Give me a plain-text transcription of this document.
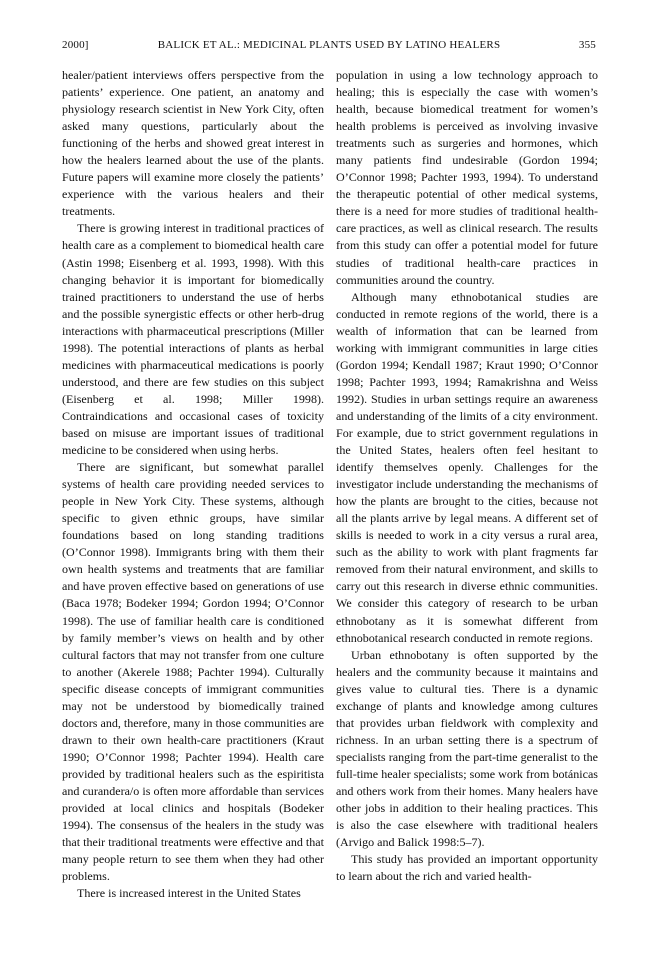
2000]	BALICK ET AL.: MEDICINAL PLANTS USED BY LATINO HEALERS	355

healer/patient interviews offers perspective from the patients’ experience. One patient, an anatomy and physiology research scientist in New York City, often asked many questions, particularly about the functioning of the herbs and showed great interest in how the healers learned about the use of the plants. Future papers will examine more closely the patients’ experience with the various healers and their treatments.

There is growing interest in traditional practices of health care as a complement to biomedical health care (Astin 1998; Eisenberg et al. 1993, 1998). With this changing behavior it is important for biomedically trained practitioners to understand the use of herbs and the possible synergistic effects or other herb-drug interactions with pharmaceutical prescriptions (Miller 1998). The potential interactions of plants as herbal medicines with pharmaceutical medications is poorly understood, and there are few studies on this subject (Eisenberg et al. 1998; Miller 1998). Contraindications and occasional cases of toxicity based on misuse are important issues of traditional medicine to be considered when using herbs.

There are significant, but somewhat parallel systems of health care providing needed services to people in New York City. These systems, although specific to given ethnic groups, have similar foundations based on long standing traditions (O’Connor 1998). Immigrants bring with them their own health systems and treatments that are familiar and have proven effective based on generations of use (Baca 1978; Bodeker 1994; Gordon 1994; O’Connor 1998). The use of familiar health care is conditioned by family member’s views on health and by other cultural factors that may not transfer from one culture to another (Akerele 1988; Pachter 1994). Culturally specific disease concepts of immigrant communities may not be understood by biomedically trained doctors and, therefore, many in those communities are drawn to their own health-care practitioners (Kraut 1990; O’Connor 1998; Pachter 1994). Health care provided by traditional healers such as the espiritista and curandera/o is often more affordable than services provided at local clinics and hospitals (Bodeker 1994). The consensus of the healers in the study was that their traditional treatments were effective and that many people return to see them when they had other problems.

There is increased interest in the United States

population in using a low technology approach to healing; this is especially the case with women’s health, because biomedical treatment for women’s health problems is perceived as involving invasive treatments such as surgeries and hormones, which many patients find undesirable (Gordon 1994; O’Connor 1998; Pachter 1993, 1994). To understand the therapeutic potential of other medical systems, there is a need for more studies of traditional health-care practices, as well as clinical research. The results from this study can offer a potential model for future studies of traditional health-care practices in communities around the country.

Although many ethnobotanical studies are conducted in remote regions of the world, there is a wealth of information that can be learned from working with immigrant communities in large cities (Gordon 1994; Kendall 1987; Kraut 1990; O’Connor 1998; Pachter 1993, 1994; Ramakrishna and Weiss 1992). Studies in urban settings require an awareness and understanding of the limits of a city environment. For example, due to strict government regulations in the United States, healers often feel hesitant to identify themselves openly. Challenges for the investigator include understanding the mechanisms of how the plants are brought to the cities, because not all the plants arrive by legal means. A different set of skills is needed to work in a city versus a rural area, such as the ability to work with plant fragments far removed from their natural environment, and skills to carry out this research in diverse ethnic communities. We consider this category of research to be urban ethnobotany as it is somewhat different from ethnobotanical research conducted in remote regions.

Urban ethnobotany is often supported by the healers and the community because it maintains and gives value to cultural ties. There is a dynamic exchange of plants and knowledge among cultures that provides urban fieldwork with complexity and richness. In an urban setting there is a spectrum of specialists ranging from the part-time generalist to the full-time healer specialists; some work from botánicas and others work from their homes. Many healers have other jobs in addition to their healing practices. This is also the case elsewhere with traditional healers (Arvigo and Balick 1998:5–7).

This study has provided an important opportunity to learn about the rich and varied health-
